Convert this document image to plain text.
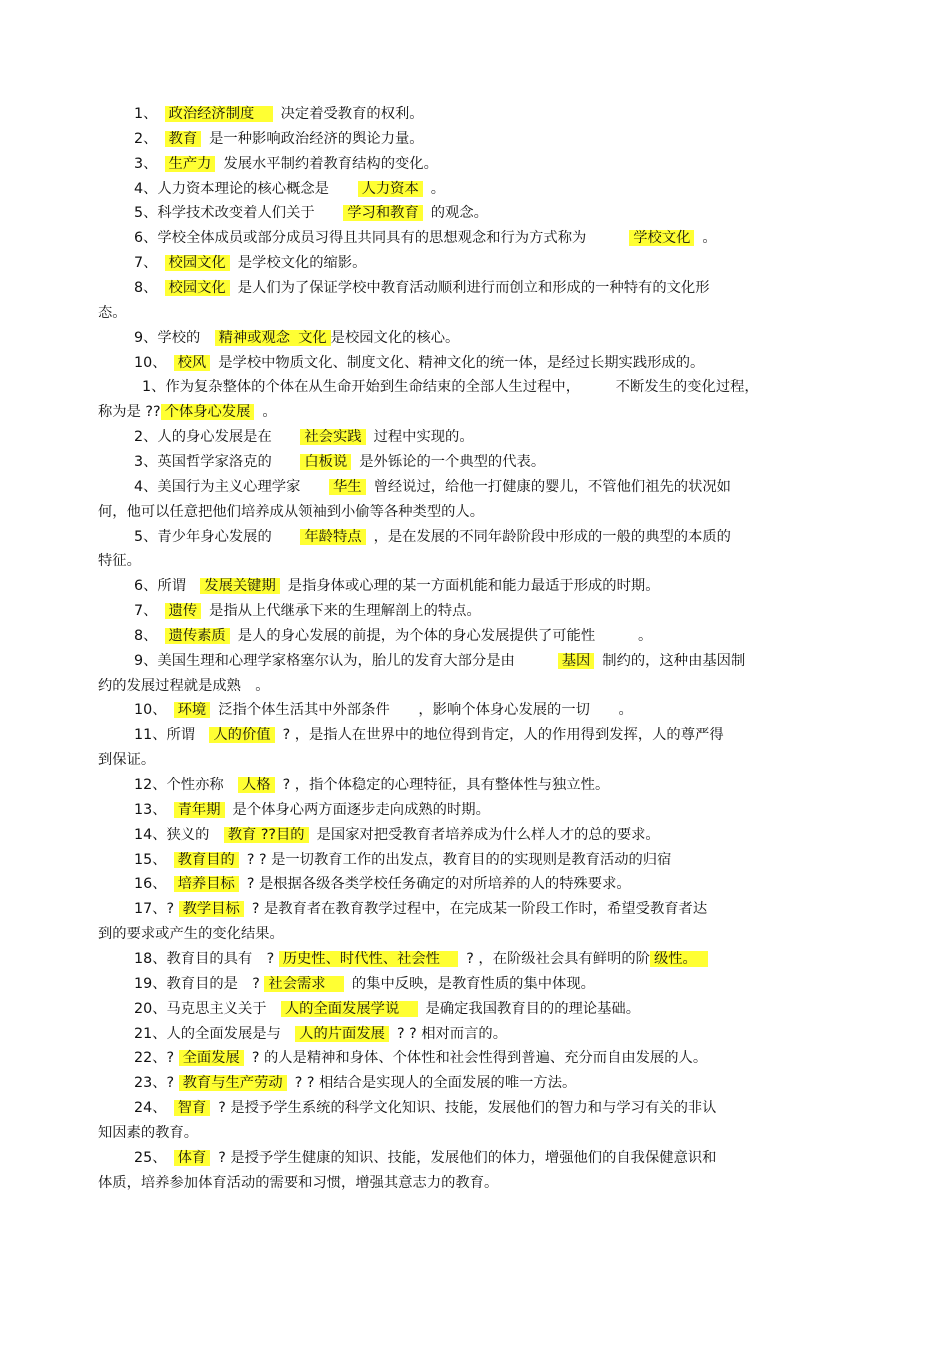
1、　政治经济制度　决定着受教育的权利。
2、　教育 是一种影响政治经济的舆论力量。
3、　生产力 发展水平制约着教育结构的变化。
4、人力资本理论的核心概念是　　人力资本 。
5、科学技术改变着人们关于　　学习和教育 的观念。
6、学校全体成员或部分成员习得且共同具有的思想观念和行为方式称为　　　学校文化 。
7、　校园文化 是学校文化的缩影。
8、　校园文化 是人们为了保证学校中教育活动顺利进行而创立和形成的一种特有的文化形
态。
9、学校的　精神或观念 文化 是校园文化的核心。
10、　校风 是学校中物质文化、制度文化、精神文化的统一体，是经过长期实践形成的。
1、作为复杂整体的个体在从生命开始到生命结束的全部人生过程中，　　　不断发生的变化过程，
称为是 ?? 个体身心发展 。
2、人的身心发展是在　　社会实践 过程中实现的。
3、英国哲学家洛克的　　白板说 是外铄论的一个典型的代表。
4、美国行为主义心理学家　　华生 曾经说过，给他一打健康的婴儿，不管他们祖先的状况如
何，他可以任意把他们培养成从领袖到小偷等各种类型的人。
5、青少年身心发展的　　年龄特点 ，是在发展的不同年龄阶段中形成的一般的典型的本质的
特征。
6、所谓　发展关键期 是指身体或心理的某一方面机能和能力最适于形成的时期。
7、　遗传 是指从上代继承下来的生理解剖上的特点。
8、　遗传素质 是人的身心发展的前提，为个体的身心发展提供了可能性　　　。
9、美国生理和心理学家格塞尔认为，胎儿的发育大部分是由　　　基因 制约的，这种由基因制
约的发展过程就是成熟　。
10、　环境 泛指个体生活其中外部条件　　，影响个体身心发展的一切　　。
11、所谓　人的价值 ? ，是指人在世界中的地位得到肯定，人的作用得到发挥，人的尊严得
到保证。
12、个性亦称　人格 ? ，指个体稳定的心理特征，具有整体性与独立性。
13、　青年期 是个体身心两方面逐步走向成熟的时期。
14、狭义的　教育 ??目的 是国家对把受教育者培养成为什么样人才的总的要求。
15、　教育目的 ? ? 是一切教育工作的出发点，教育目的的实现则是教育活动的归宿
16、　培养目标 ? 是根据各级各类学校任务确定的对所培养的人的特殊要求。
17、? 教学目标 ? 是教育者在教育教学过程中，在完成某一阶段工作时，希望受教育者达
到的要求或产生的变化结果。
18、教育目的具有　? 历史性、时代性、社会性　? ，在阶级社会具有鲜明的阶 级性。　
19、教育目的是　? 社会需求　的集中反映，是教育性质的集中体现。
20、马克思主义关于　人的全面发展学说　是确定我国教育目的的理论基础。
21、人的全面发展是与　人的片面发展 ? ? 相对而言的。
22、? 全面发展 ? 的人是精神和身体、个体性和社会性得到普遍、充分而自由发展的人。
23、? 教育与生产劳动 ? ? 相结合是实现人的全面发展的唯一方法。
24、　智育 ? 是授予学生系统的科学文化知识、技能，发展他们的智力和与学习有关的非认
知因素的教育。
25、　体育 ? 是授予学生健康的知识、技能，发展他们的体力，增强他们的自我保健意识和
体质，培养参加体育活动的需要和习惯，增强其意志力的教育。
